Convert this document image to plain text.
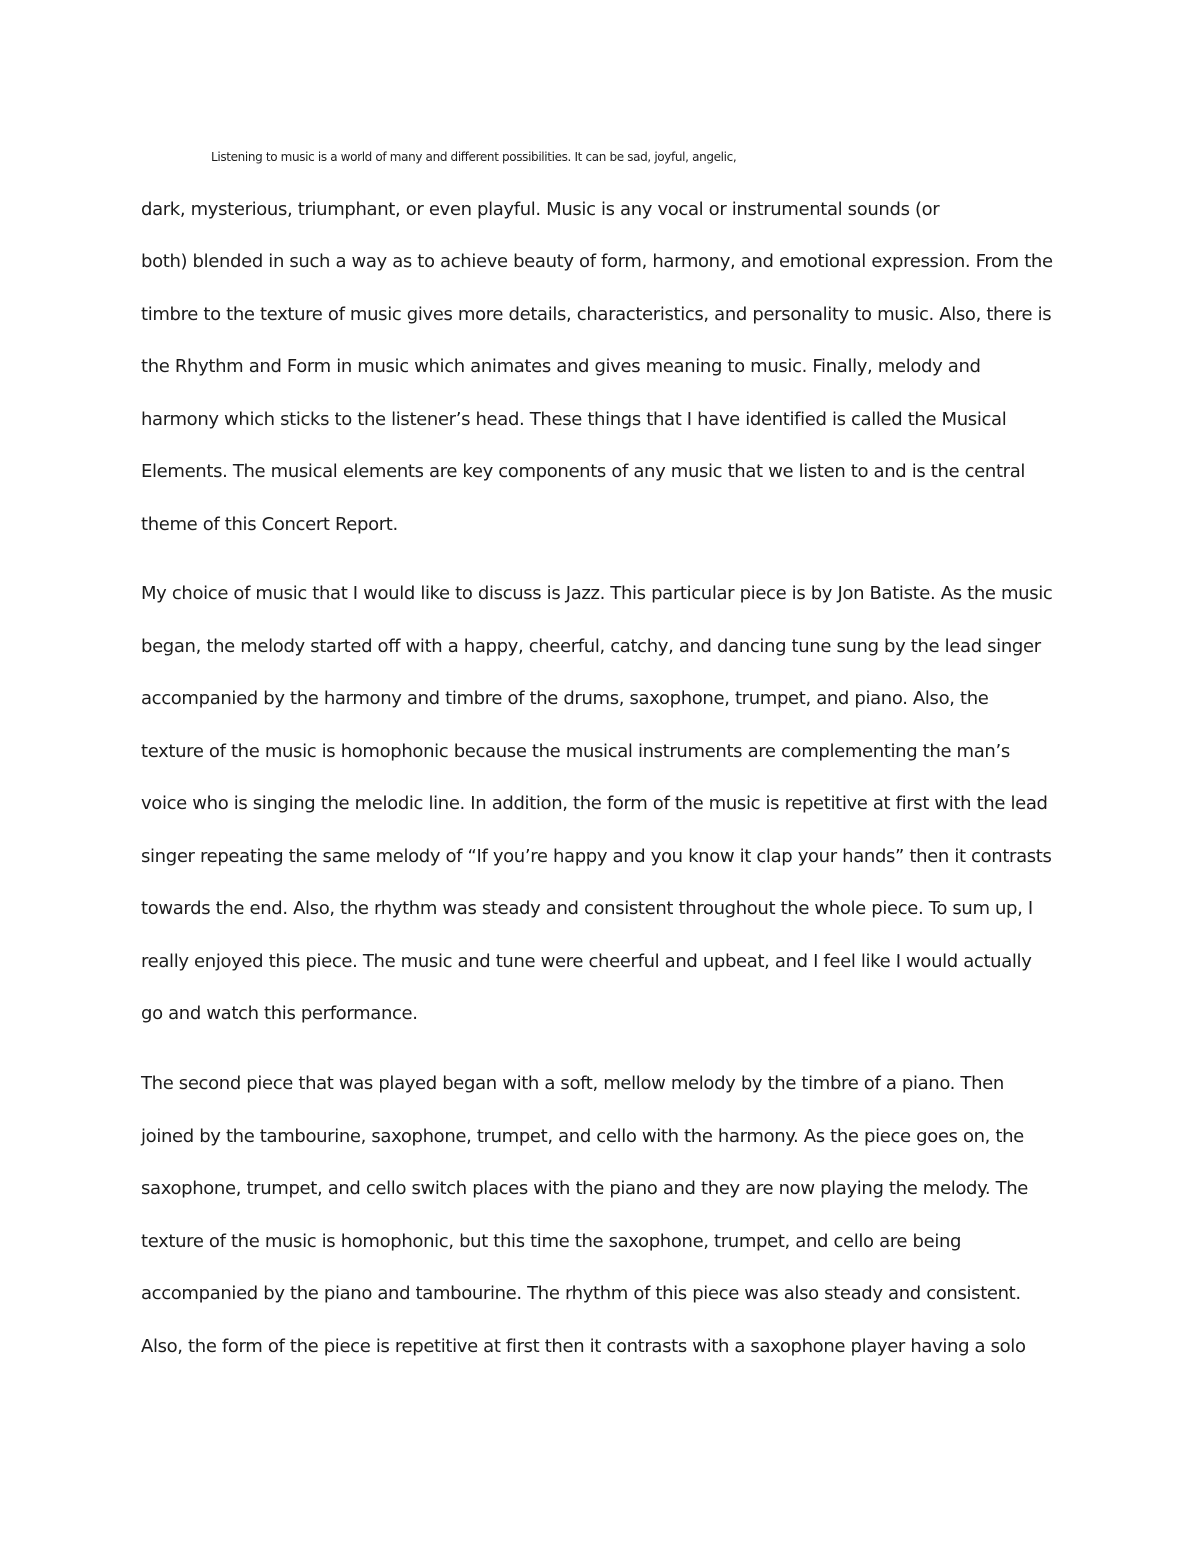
Listening to music is a world of many and different possibilities. It can be sad, joyful, angelic,
dark, mysterious, triumphant, or even playful. Music is any vocal or instrumental sounds (or
both) blended in such a way as to achieve beauty of form, harmony, and emotional expression. From the
timbre to the texture of music gives more details, characteristics, and personality to music. Also, there is
the Rhythm and Form in music which animates and gives meaning to music. Finally, melody and
harmony which sticks to the listener’s head. These things that I have identified is called the Musical
Elements. The musical elements are key components of any music that we listen to and is the central
theme of this Concert Report.
My choice of music that I would like to discuss is Jazz. This particular piece is by Jon Batiste. As the music
began, the melody started off with a happy, cheerful, catchy, and dancing tune sung by the lead singer
accompanied by the harmony and timbre of the drums, saxophone, trumpet, and piano. Also, the
texture of the music is homophonic because the musical instruments are complementing the man’s
voice who is singing the melodic line. In addition, the form of the music is repetitive at first with the lead
singer repeating the same melody of “If you’re happy and you know it clap your hands” then it contrasts
towards the end. Also, the rhythm was steady and consistent throughout the whole piece. To sum up, I
really enjoyed this piece. The music and tune were cheerful and upbeat, and I feel like I would actually
go and watch this performance.
The second piece that was played began with a soft, mellow melody by the timbre of a piano. Then
joined by the tambourine, saxophone, trumpet, and cello with the harmony. As the piece goes on, the
saxophone, trumpet, and cello switch places with the piano and they are now playing the melody. The
texture of the music is homophonic, but this time the saxophone, trumpet, and cello are being
accompanied by the piano and tambourine. The rhythm of this piece was also steady and consistent.
Also, the form of the piece is repetitive at first then it contrasts with a saxophone player having a solo
